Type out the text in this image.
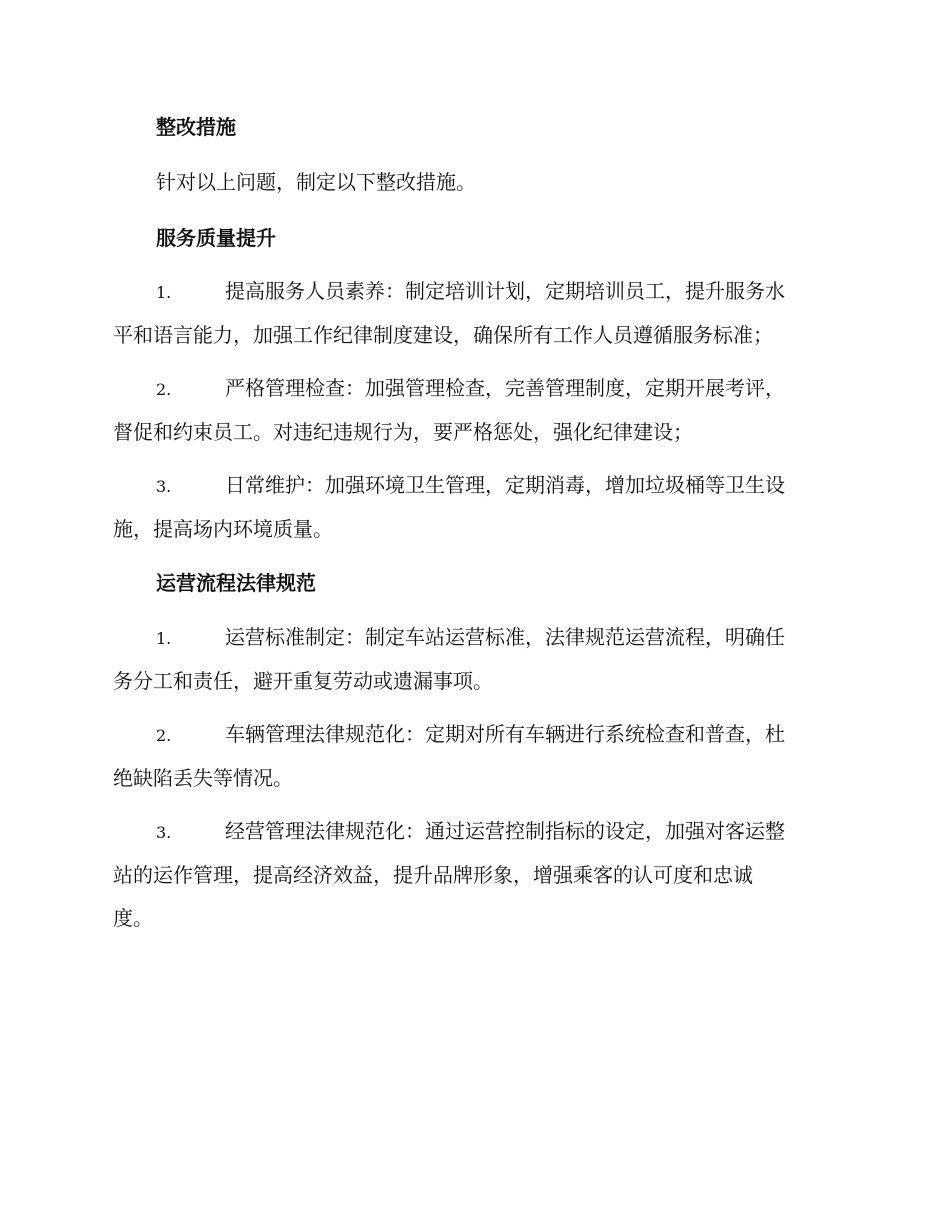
整改措施
针对以上问题，制定以下整改措施。
服务质量提升
1.	提高服务人员素养：制定培训计划，定期培训员工，提升服务水
平和语言能力，加强工作纪律制度建设，确保所有工作人员遵循服务标准；
2.	严格管理检查：加强管理检查，完善管理制度，定期开展考评，
督促和约束员工。对违纪违规行为，要严格惩处，强化纪律建设；
3.	日常维护：加强环境卫生管理，定期消毒，增加垃圾桶等卫生设
施，提高场内环境质量。
运营流程法律规范
1.	运营标准制定：制定车站运营标准，法律规范运营流程，明确任
务分工和责任，避开重复劳动或遗漏事项。
2.	车辆管理法律规范化：定期对所有车辆进行系统检查和普查，杜
绝缺陷丢失等情况。
3.	经营管理法律规范化：通过运营控制指标的设定，加强对客运整
站的运作管理，提高经济效益，提升品牌形象，增强乘客的认可度和忠诚
度。
